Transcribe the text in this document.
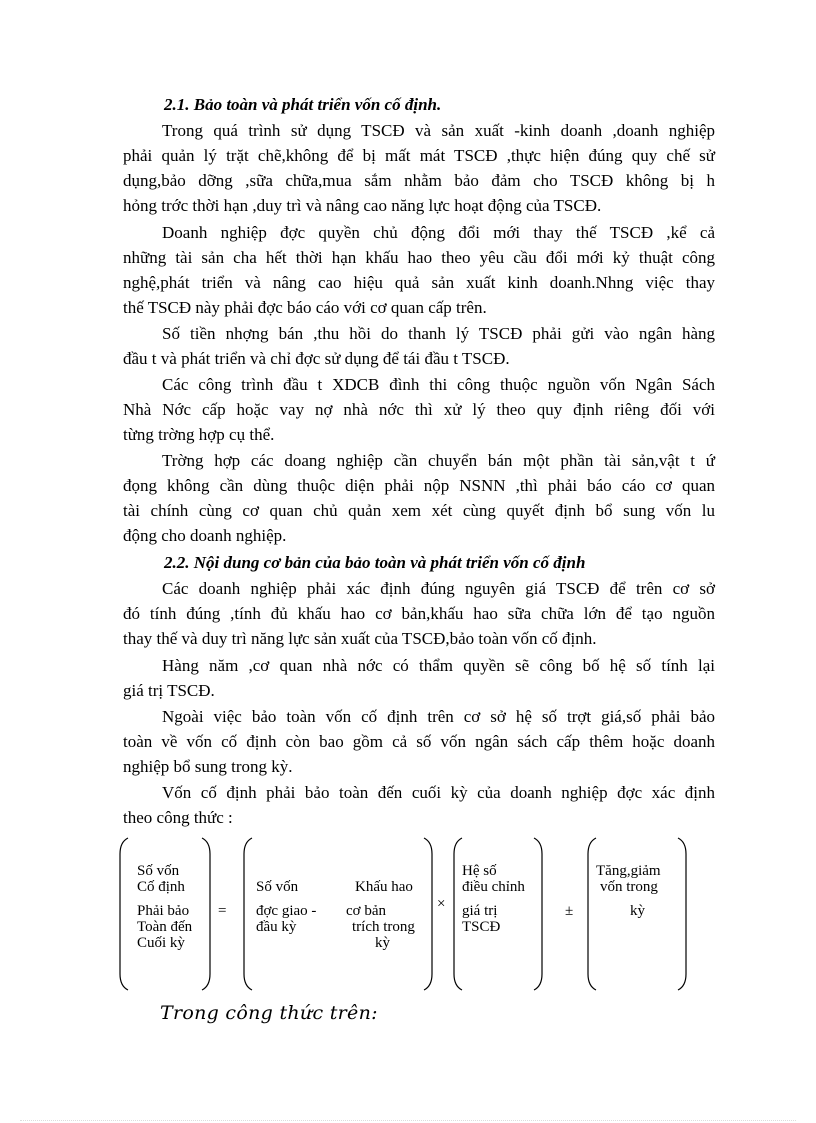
2.1. Bảo toàn và phát triển vốn cố định.
Trong quá trình sử dụng TSCĐ và sản xuất -kinh doanh ,doanh nghiệp
phải quản lý trặt chẽ,không để bị mất mát TSCĐ ,thực hiện đúng quy chế sử
dụng,bảo dỡng ,sữa chữa,mua sắm nhằm bảo đảm cho TSCĐ không bị h
hỏng trớc thời hạn ,duy trì và nâng cao năng lực hoạt động của TSCĐ.
Doanh nghiệp đợc quyền chủ động đổi mới thay thế TSCĐ ,kể cả
những tài sản cha hết thời hạn khấu hao theo yêu cầu đổi mới kỷ thuật công
nghệ,phát triển và nâng cao hiệu quả sản xuất kinh doanh.Nhng việc thay
thế TSCĐ này phải đợc báo cáo với cơ quan cấp trên.
Số tiền nhợng bán ,thu hồi do thanh lý TSCĐ phải gửi vào ngân hàng
đầu t và phát triển và chỉ đợc sử dụng để tái đầu t TSCĐ.
Các công trình đầu t XDCB đình thi công thuộc nguồn vốn Ngân Sách
Nhà Nớc cấp hoặc vay nợ nhà nớc thì xử lý theo quy định riêng đối với
từng trờng hợp cụ thể.
Trờng hợp các doang nghiệp cần chuyển bán một phần tài sản,vật t ứ
đọng không cần dùng thuộc diện phải nộp NSNN ,thì phải báo cáo cơ quan
tài chính cùng cơ quan chủ quản xem xét cùng quyết định bổ sung vốn lu
động cho doanh nghiệp.
2.2. Nội dung cơ bản của bảo toàn và phát triển vốn cố định
Các doanh nghiệp phải xác định đúng nguyên giá TSCĐ để trên cơ sở
đó tính đúng ,tính đủ khấu hao cơ bản,khấu hao sữa chữa lớn để tạo nguồn
thay thế và duy trì năng lực sản xuất của TSCĐ,bảo toàn vốn cố định.
Hàng năm ,cơ quan nhà nớc có thẩm quyền sẽ công bố hệ số tính lại
giá trị TSCĐ.
Ngoài việc bảo toàn vốn cố định trên cơ sở hệ số trợt giá,số phải bảo
toàn về vốn cố định còn bao gồm cả số vốn ngân sách cấp thêm hoặc doanh
nghiệp bổ sung trong kỳ.
Vốn cố định phải bảo toàn đến cuối kỳ của doanh nghiệp đợc xác định
theo công thức :
Số vốn
Cố định
Phải bảo
Toàn đến
Cuối kỳ
=
Số vốn
đợc giao -
đầu kỳ
Khấu hao
cơ bản
trích trong
kỳ
×
Hệ số
điều chỉnh
giá trị
TSCĐ
±
Tăng,giảm
vốn trong
kỳ
Trong công thức trên:
